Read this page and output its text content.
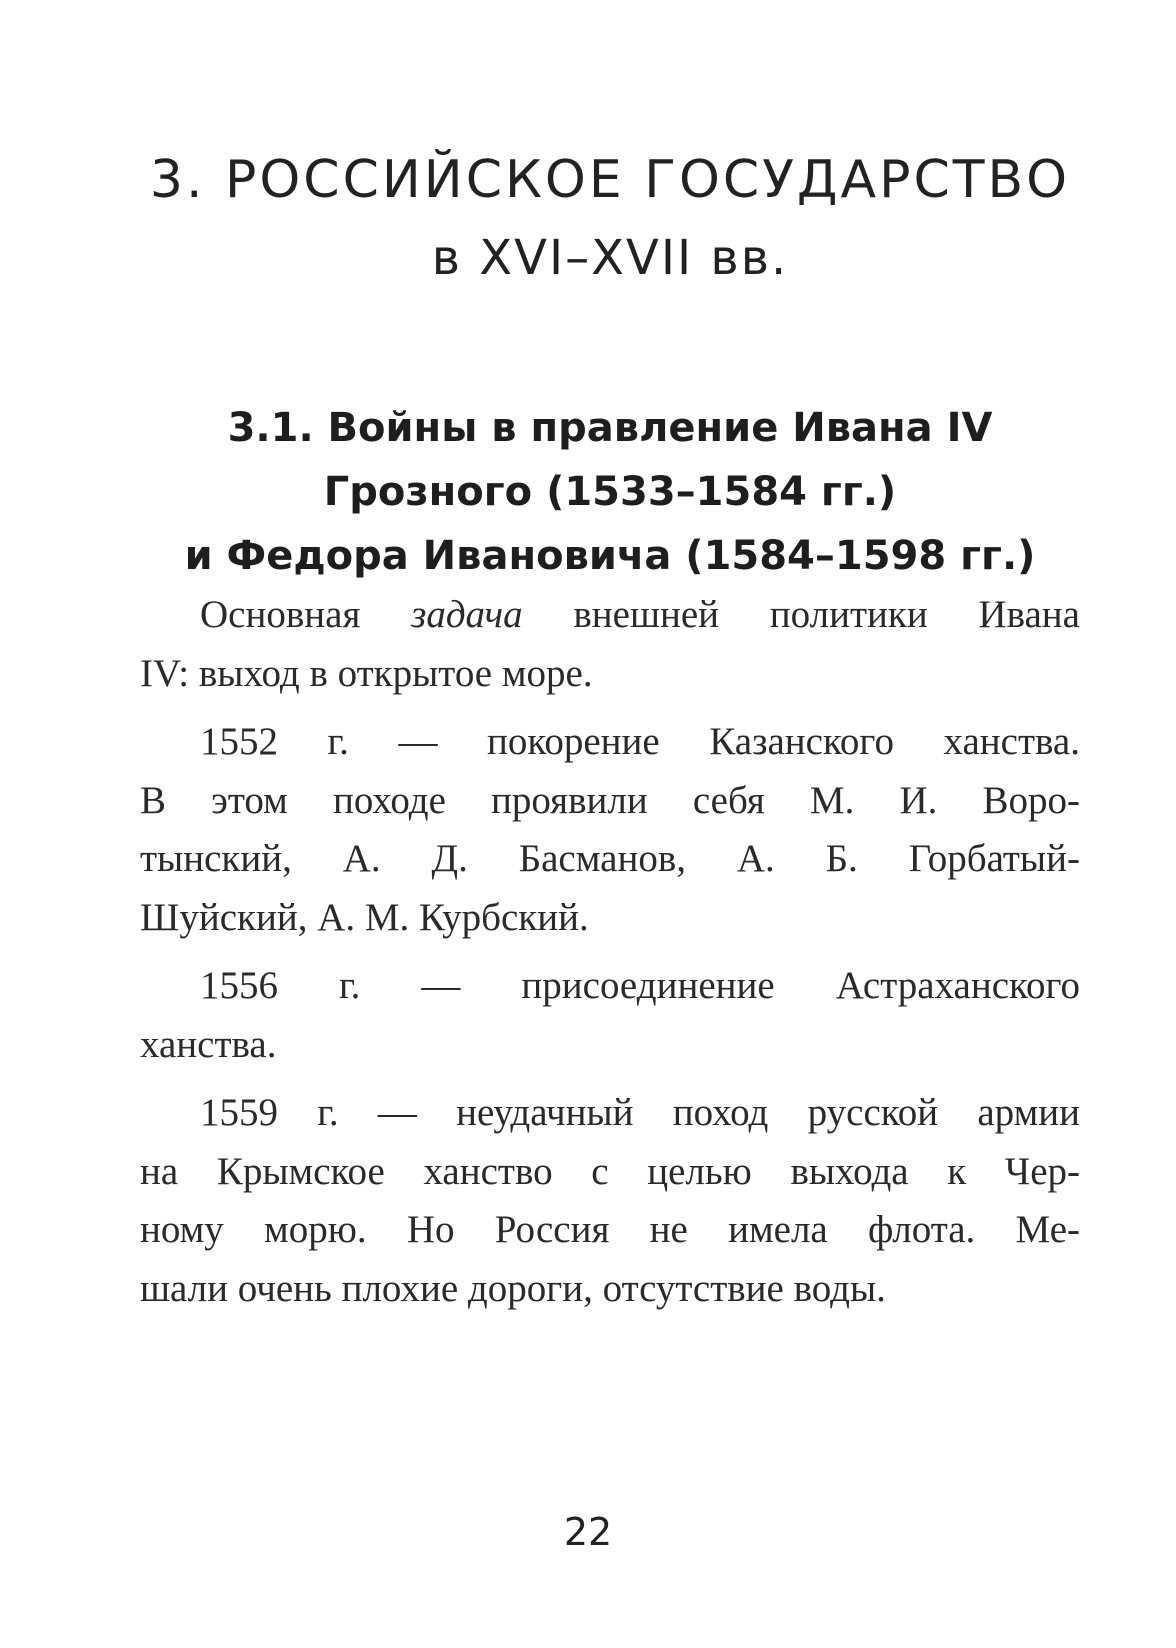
3. РОССИЙСКОЕ ГОСУДАРСТВО
в XVI–XVII вв.
3.1. Войны в правление Ивана IV
Грозного (1533–1584 гг.)
и Федора Ивановича (1584–1598 гг.)
Основная задача внешней политики Ивана
IV: выход в открытое море.
1552 г. — покорение Казанского ханства.
В этом походе проявили себя М. И. Воро-
тынский, А. Д. Басманов, А. Б. Горбатый-
Шуйский, А. М. Курбский.
1556 г. — присоединение Астраханского
ханства.
1559 г. — неудачный поход русской армии
на Крымское ханство с целью выхода к Чер-
ному морю. Но Россия не имела флота. Ме-
шали очень плохие дороги, отсутствие воды.
22
